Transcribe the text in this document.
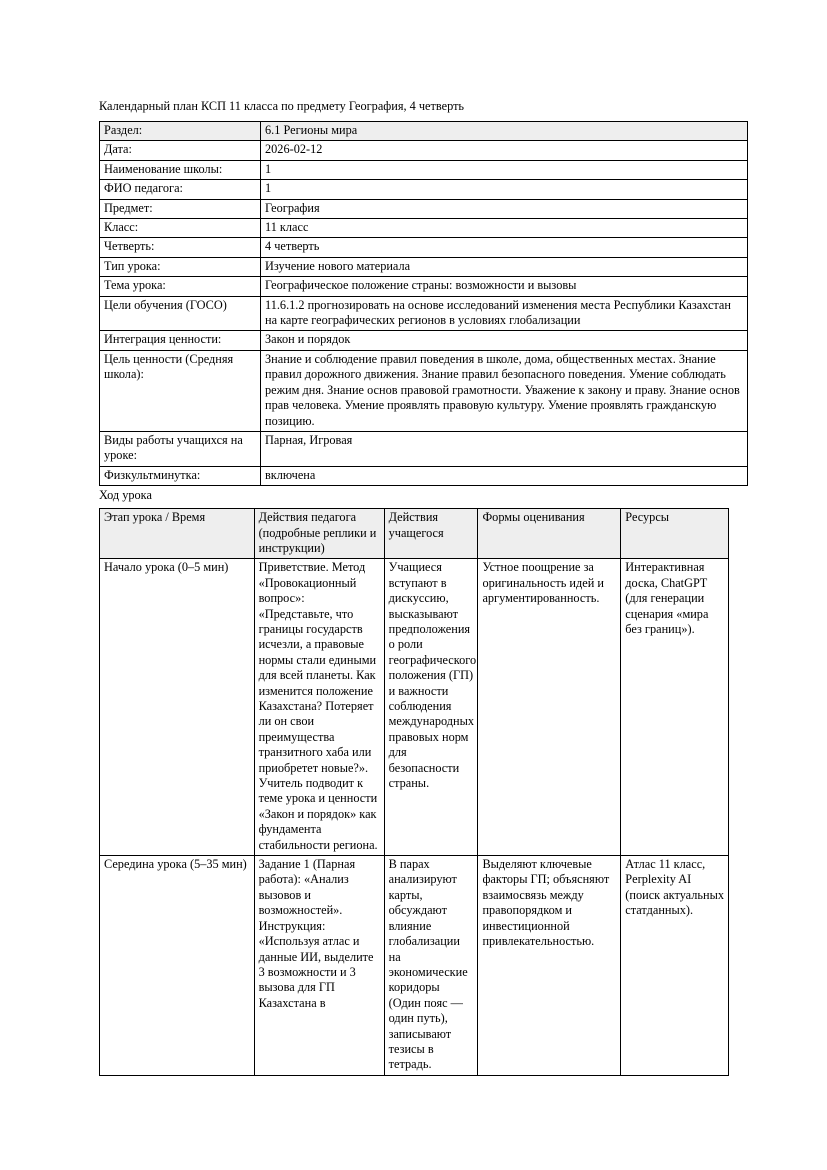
Календарный план КСП 11 класса по предмету География, 4 четверть
Раздел:	6.1 Регионы мира
Дата:	2026-02-12
Наименование школы:	1
ФИО педагога:	1
Предмет:	География
Класс:	11 класс
Четверть:	4 четверть
Тип урока:	Изучение нового материала
Тема урока:	Географическое положение страны: возможности и вызовы
Цели обучения (ГОСО)	11.6.1.2 прогнозировать на основе исследований изменения места Республики Казахстан на карте географических регионов в условиях глобализации
Интеграция ценности:	Закон и порядок
Цель ценности (Средняя школа):	Знание и соблюдение правил поведения в школе, дома, общественных местах. Знание правил дорожного движения. Знание правил безопасного поведения. Умение соблюдать режим дня. Знание основ правовой грамотности. Уважение к закону и праву. Знание основ прав человека. Умение проявлять правовую культуру. Умение проявлять гражданскую позицию.
Виды работы учащихся на уроке:	Парная, Игровая
Физкультминутка:	включена
Ход урока
Этап урока / Время	Действия педагога (подробные реплики и инструкции)	Действия учащегося	Формы оценивания	Ресурсы
Начало урока (0–5 мин)	Приветствие. Метод «Провокационный вопрос»: «Представьте, что границы государств исчезли, а правовые нормы стали едиными для всей планеты. Как изменится положение Казахстана? Потеряет ли он свои преимущества транзитного хаба или приобретет новые?». Учитель подводит к теме урока и ценности «Закон и порядок» как фундамента стабильности региона.	Учащиеся вступают в дискуссию, высказывают предположения о роли географического положения (ГП) и важности соблюдения международных правовых норм для безопасности страны.	Устное поощрение за оригинальность идей и аргументированность.	Интерактивная доска, ChatGPT (для генерации сценария «мира без границ»).
Середина урока (5–35 мин)	Задание 1 (Парная работа): «Анализ вызовов и возможностей». Инструкция: «Используя атлас и данные ИИ, выделите 3 возможности и 3 вызова для ГП Казахстана в	В парах анализируют карты, обсуждают влияние глобализации на экономические коридоры (Один пояс — один путь), записывают тезисы в тетрадь.	Выделяют ключевые факторы ГП; объясняют взаимосвязь между правопорядком и инвестиционной привлекательностью.	Атлас 11 класс, Perplexity AI (поиск актуальных статданных).
